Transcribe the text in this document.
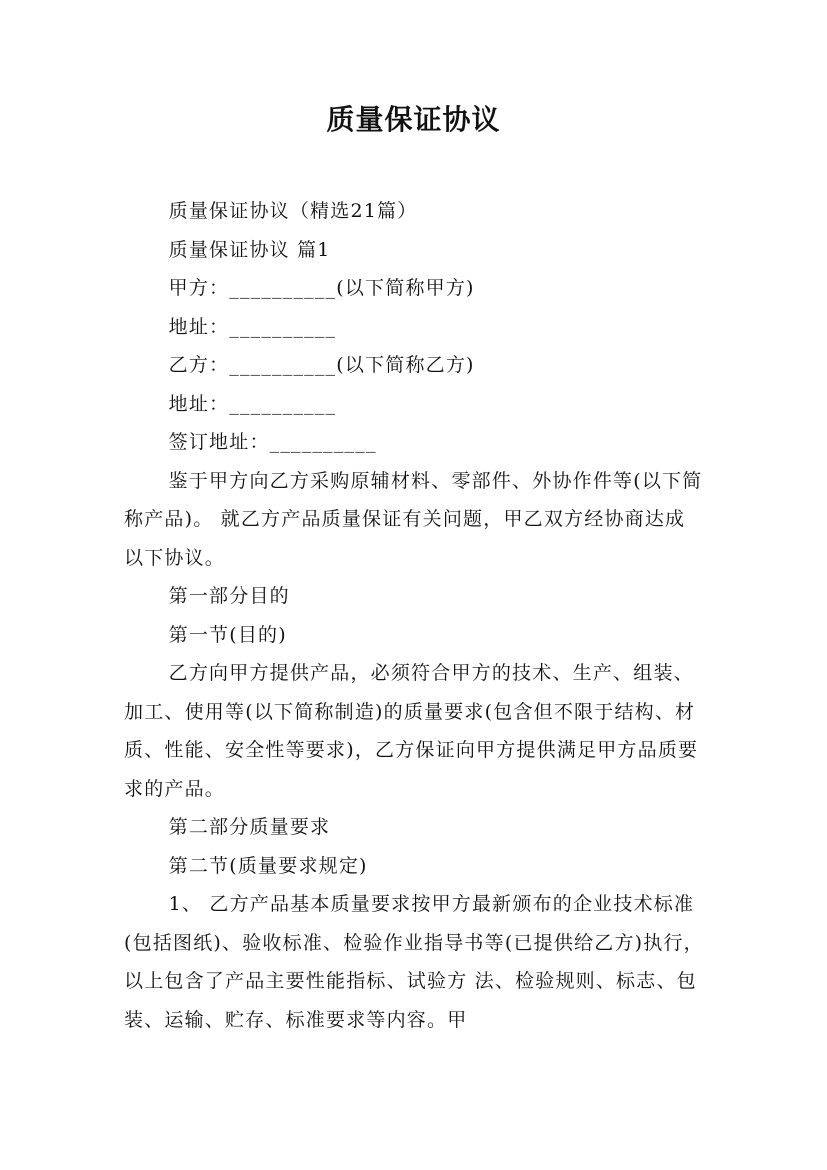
质量保证协议

质量保证协议（精选21篇）

质量保证协议 篇1

甲方：__________(以下简称甲方)

地址：__________

乙方：__________(以下简称乙方)

地址：__________

签订地址：__________

鉴于甲方向乙方采购原辅材料、零部件、外协作件等(以下简称产品)。 就乙方产品质量保证有关问题，甲乙双方经协商达成以下协议。

第一部分目的

第一节(目的)

乙方向甲方提供产品，必须符合甲方的技术、生产、组装、加工、使用等(以下简称制造)的质量要求(包含但不限于结构、材质、性能、安全性等要求)，乙方保证向甲方提供满足甲方品质要求的产品。

第二部分质量要求

第二节(质量要求规定)

1、 乙方产品基本质量要求按甲方最新颁布的企业技术标准(包括图纸)、验收标准、检验作业指导书等(已提供给乙方)执行，以上包含了产品主要性能指标、试验方 法、检验规则、标志、包装、运输、贮存、标准要求等内容。甲
